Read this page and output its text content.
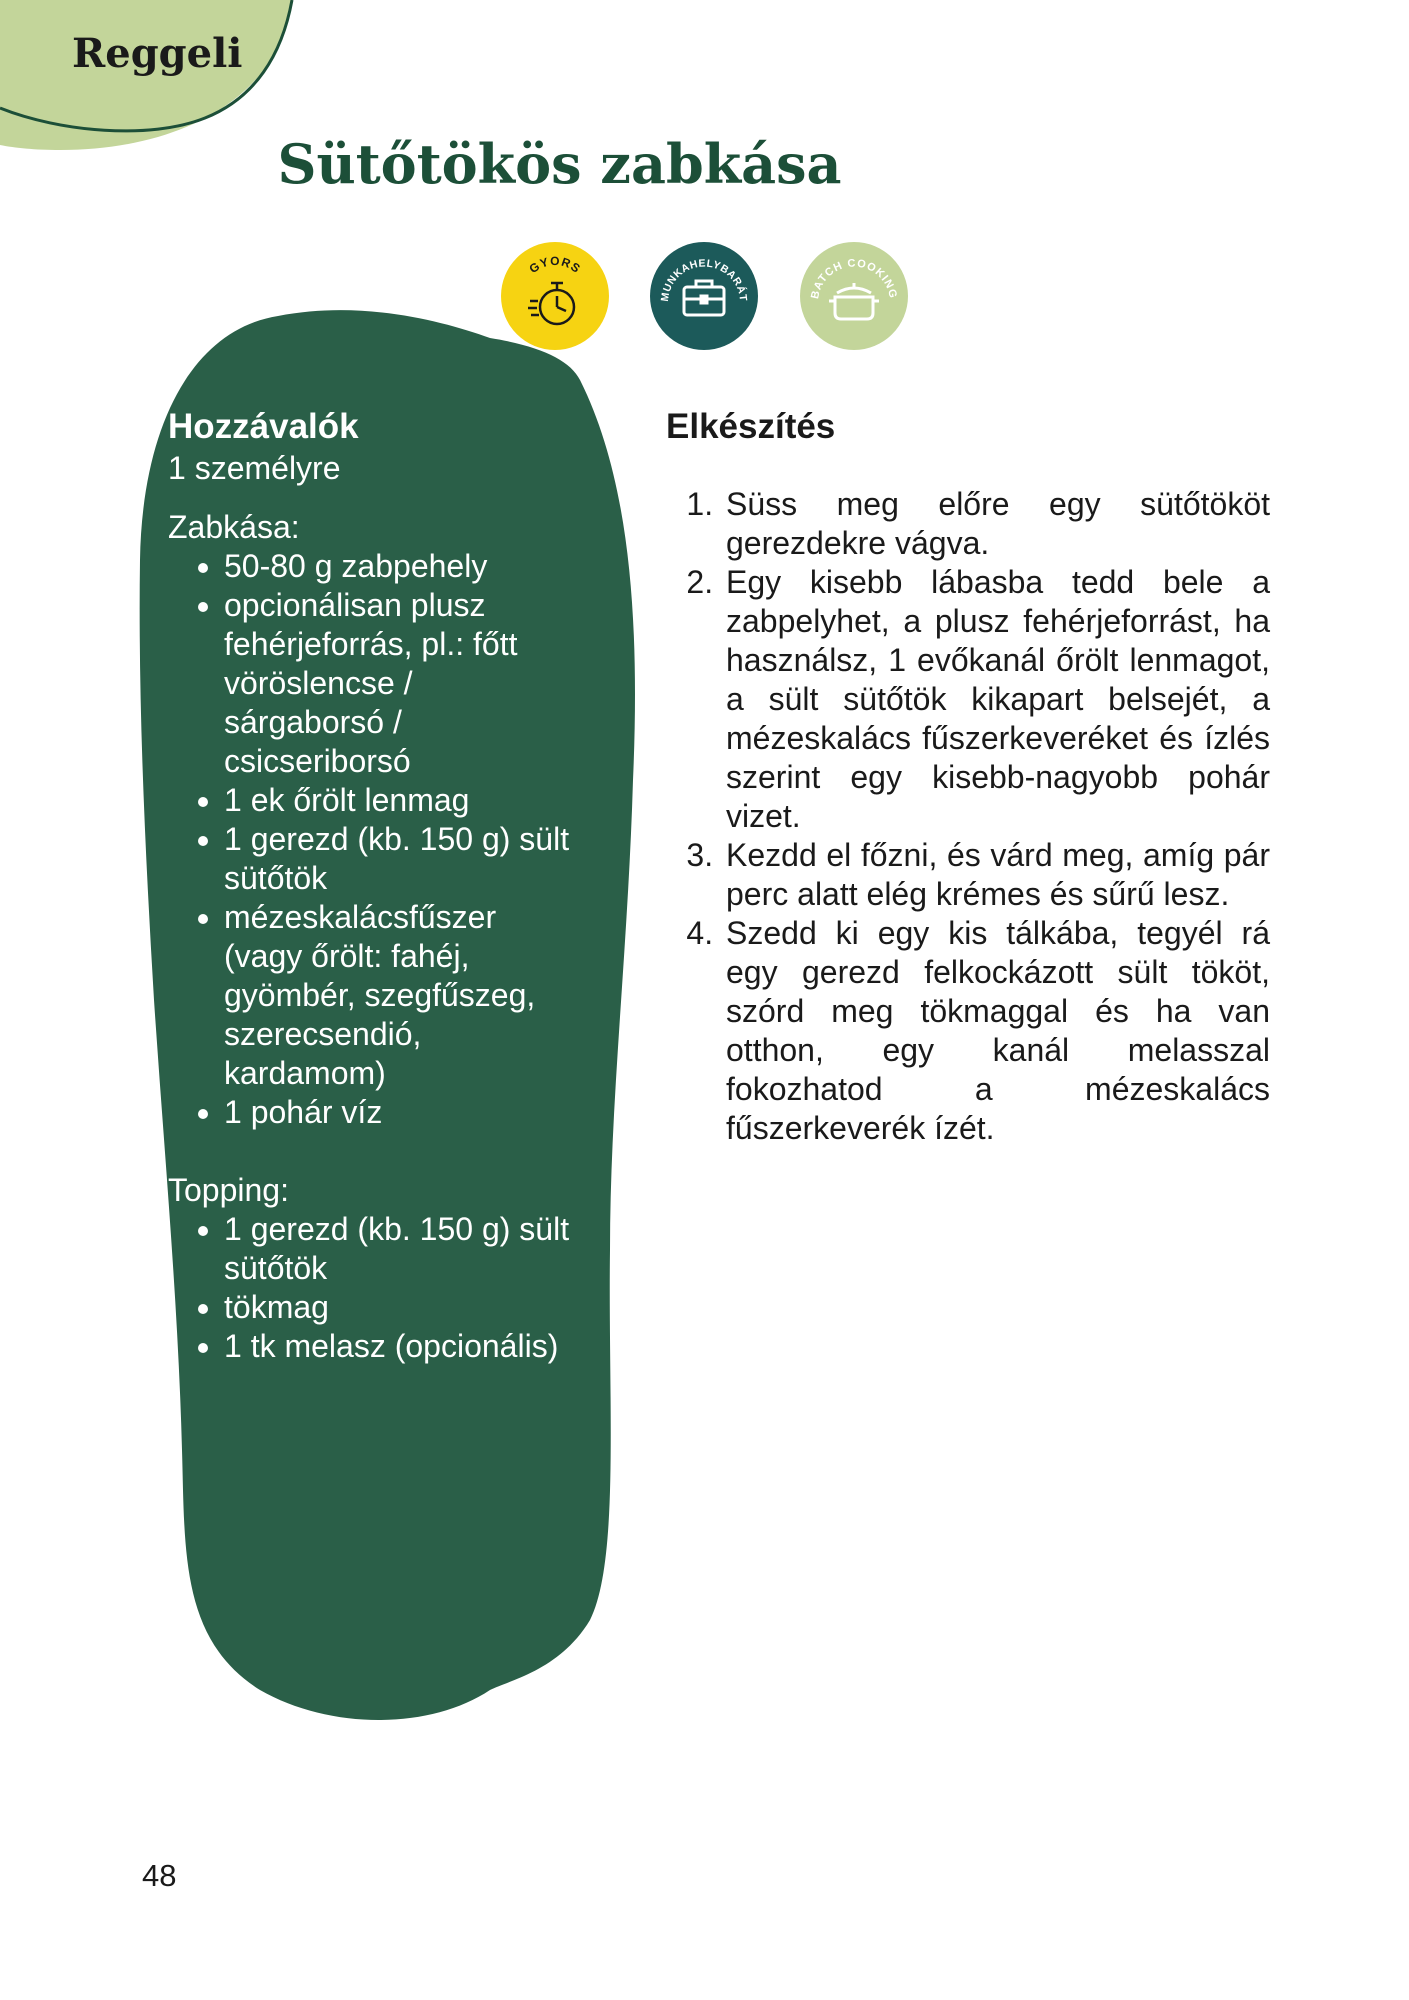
Reggeli
Sütőtökös zabkása
GYORS
MUNKAHELYBARÁT	BATCH COOKING
Hozzávalók

1 személyre

Zabkása:

• 50-80 g zabpehely
• opcionálisan plusz fehérjeforrás, pl.: főtt vöröslencse / sárgaborsó / csicseriborsó
• 1 ek őrölt lenmag
• 1 gerezd (kb. 150 g) sült sütőtök
• mézeskalácsfűszer (vagy őrölt: fahéj, gyömbér, szegfűszeg, szerecsendió, kardamom)
• 1 pohár víz

Topping:

• 1 gerezd (kb. 150 g) sült sütőtök
• tökmag
• 1 tk melasz (opcionális)
Elkészítés
1. Süss meg előre egy sütőtököt gerezdekre vágva.
2. Egy kisebb lábasba tedd bele a zabpelyhet, a plusz fehérjeforrást, ha használsz, 1 evőkanál őrölt lenmagot, a sült sütőtök kikapart belsejét, a mézeskalács fűszerkeveréket és ízlés szerint egy kisebb-nagyobb pohár vizet.
3. Kezdd el főzni, és várd meg, amíg pár perc alatt elég krémes és sűrű lesz.
4. Szedd ki egy kis tálkába, tegyél rá egy gerezd felkockázott sült tököt, szórd meg tökmaggal és ha van otthon, egy kanál melasszal fokozhatod a mézeskalács fűszerkeverék ízét.
48
